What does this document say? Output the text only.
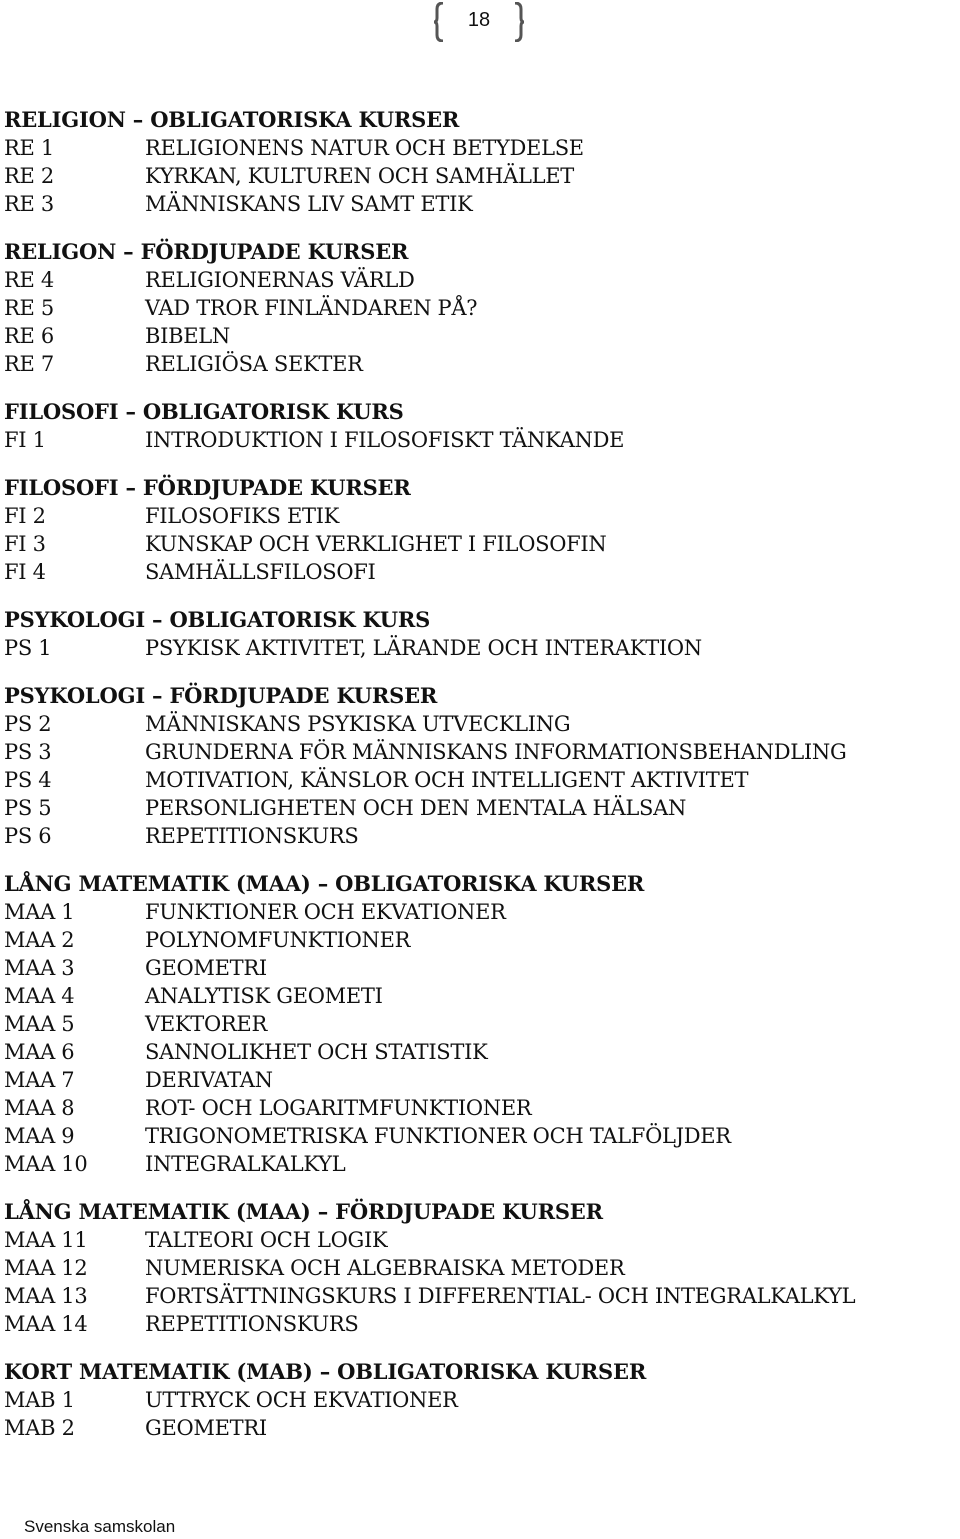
18
RELIGION – OBLIGATORISKA KURSER
RE 1	RELIGIONENS NATUR OCH BETYDELSE
RE 2	KYRKAN, KULTUREN OCH SAMHÄLLET
RE 3	MÄNNISKANS LIV SAMT ETIK
RELIGON – FÖRDJUPADE KURSER
RE 4	RELIGIONERNAS VÄRLD
RE 5	VAD TROR FINLÄNDAREN PÅ?
RE 6	BIBELN
RE 7	RELIGIÖSA SEKTER
FILOSOFI – OBLIGATORISK KURS
FI 1	INTRODUKTION I FILOSOFISKT TÄNKANDE
FILOSOFI – FÖRDJUPADE KURSER
FI 2	FILOSOFIKS ETIK
FI 3	KUNSKAP OCH VERKLIGHET I FILOSOFIN
FI 4	SAMHÄLLSFILOSOFI
PSYKOLOGI – OBLIGATORISK KURS
PS 1	PSYKISK AKTIVITET, LÄRANDE OCH INTERAKTION
PSYKOLOGI – FÖRDJUPADE KURSER
PS 2	MÄNNISKANS PSYKISKA UTVECKLING
PS 3	GRUNDERNA FÖR MÄNNISKANS INFORMATIONSBEHANDLING
PS 4	MOTIVATION, KÄNSLOR OCH INTELLIGENT AKTIVITET
PS 5	PERSONLIGHETEN OCH DEN MENTALA HÄLSAN
PS 6	REPETITIONSKURS
LÅNG MATEMATIK (MAA) – OBLIGATORISKA KURSER
MAA 1	FUNKTIONER OCH EKVATIONER
MAA 2	POLYNOMFUNKTIONER
MAA 3	GEOMETRI
MAA 4	ANALYTISK GEOMETI
MAA 5	VEKTORER
MAA 6	SANNOLIKHET OCH STATISTIK
MAA 7	DERIVATAN
MAA 8	ROT- OCH LOGARITMFUNKTIONER
MAA 9	TRIGONOMETRISKA FUNKTIONER OCH TALFÖLJDER
MAA 10	INTEGRALKALKYL
LÅNG MATEMATIK (MAA) – FÖRDJUPADE KURSER
MAA 11	TALTEORI OCH LOGIK
MAA 12	NUMERISKA OCH ALGEBRAISKA METODER
MAA 13	FORTSÄTTNINGSKURS I DIFFERENTIAL- OCH INTEGRALKALKYL
MAA 14	REPETITIONSKURS
KORT MATEMATIK (MAB) – OBLIGATORISKA KURSER
MAB 1	UTTRYCK OCH EKVATIONER
MAB 2	GEOMETRI
Svenska samskolan
